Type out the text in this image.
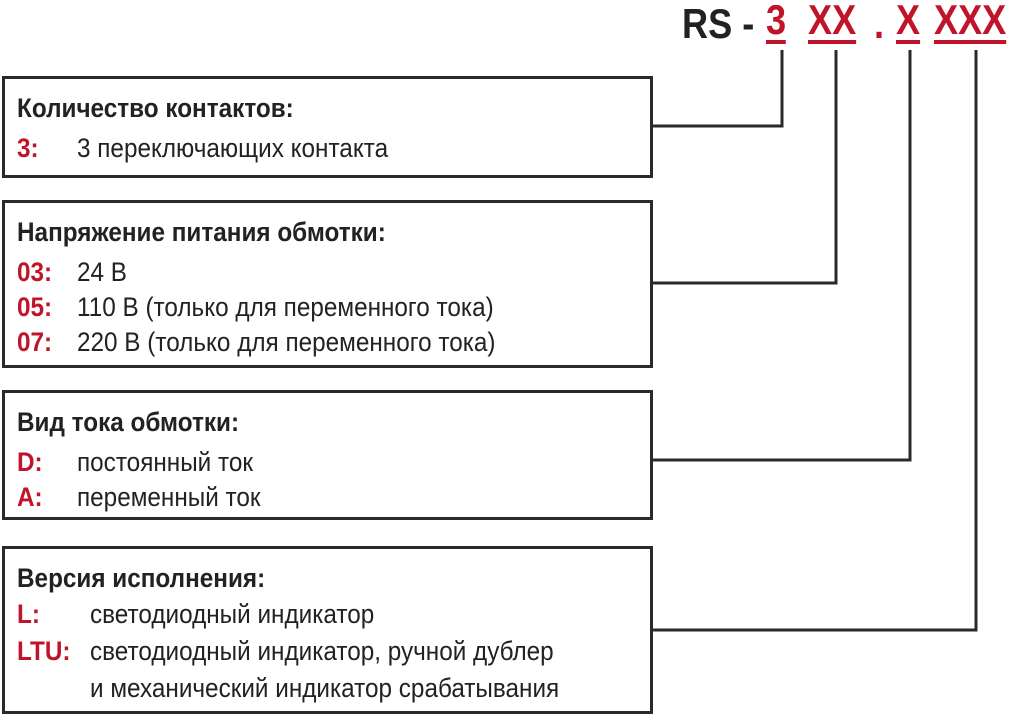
RS - 3 XX . X XXX
Количество контактов:
3: 3 переключающих контакта
Напряжение питания обмотки:
03: 24 В
05: 110 В (только для переменного тока)
07: 220 В (только для переменного тока)
Вид тока обмотки:
D: постоянный ток
A: переменный ток
Версия исполнения:
L: светодиодный индикатор
LTU: светодиодный индикатор, ручной дублер
и механический индикатор срабатывания
